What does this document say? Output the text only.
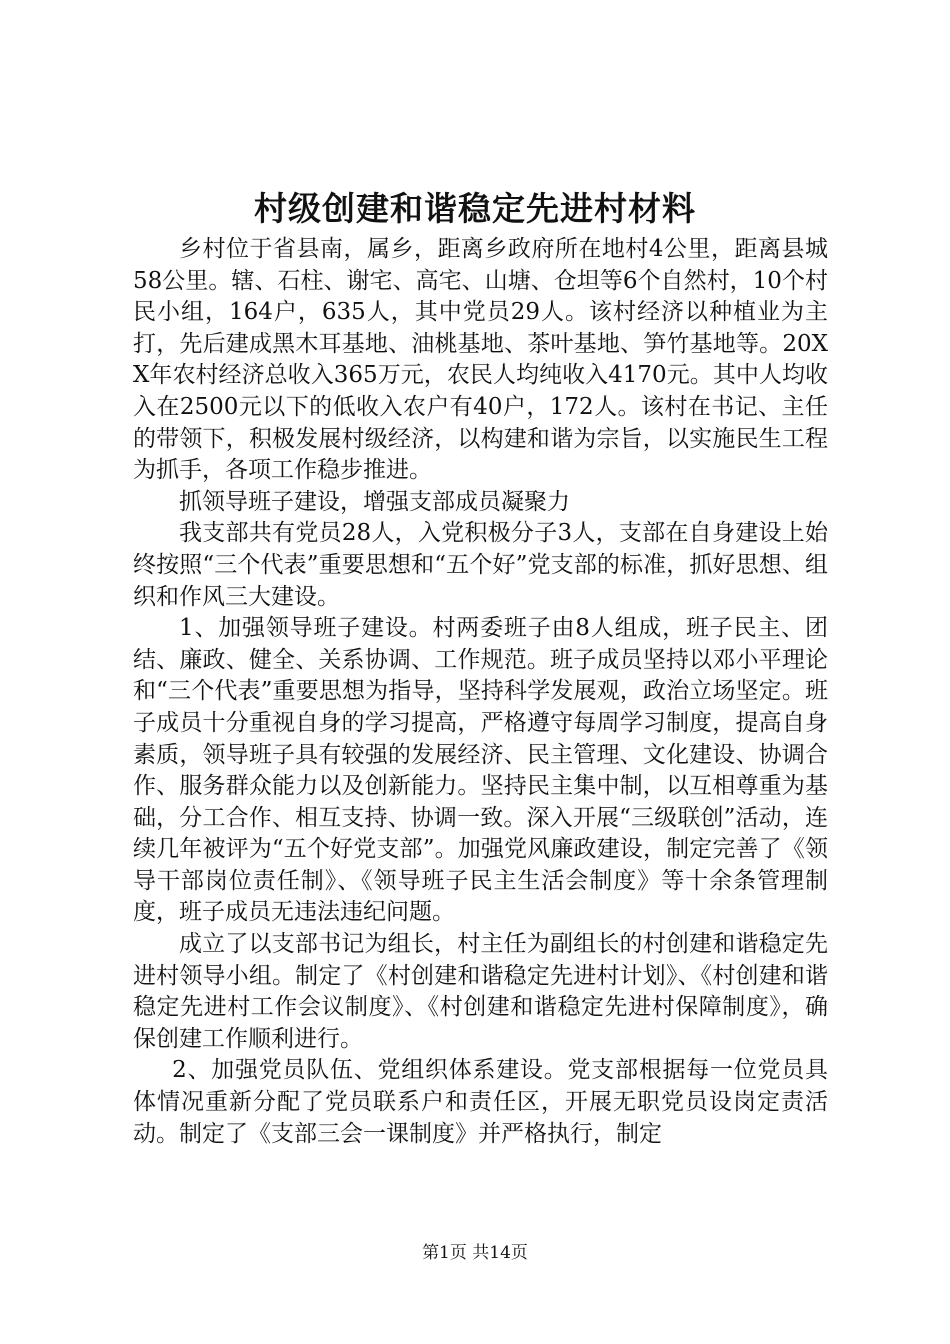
村级创建和谐稳定先进村材料

乡村位于省县南，属乡，距离乡政府所在地村4公里，距离县城58公里。辖、石柱、谢宅、高宅、山塘、仓坦等6个自然村，10个村民小组，164户，635人，其中党员29人。该村经济以种植业为主打，先后建成黑木耳基地、油桃基地、茶叶基地、笋竹基地等。20XX年农村经济总收入365万元，农民人均纯收入4170元。其中人均收入在2500元以下的低收入农户有40户，172人。该村在书记、主任的带领下，积极发展村级经济，以构建和谐为宗旨，以实施民生工程为抓手，各项工作稳步推进。

抓领导班子建设，增强支部成员凝聚力

我支部共有党员28人，入党积极分子3人，支部在自身建设上始终按照“三个代表”重要思想和“五个好”党支部的标准，抓好思想、组织和作风三大建设。

1、加强领导班子建设。村两委班子由8人组成，班子民主、团结、廉政、健全、关系协调、工作规范。班子成员坚持以邓小平理论和“三个代表”重要思想为指导，坚持科学发展观，政治立场坚定。班子成员十分重视自身的学习提高，严格遵守每周学习制度，提高自身素质，领导班子具有较强的发展经济、民主管理、文化建设、协调合作、服务群众能力以及创新能力。坚持民主集中制，以互相尊重为基础，分工合作、相互支持、协调一致。深入开展“三级联创”活动，连续几年被评为“五个好党支部”。加强党风廉政建设，制定完善了《领导干部岗位责任制》、《领导班子民主生活会制度》等十余条管理制度，班子成员无违法违纪问题。

成立了以支部书记为组长，村主任为副组长的村创建和谐稳定先进村领导小组。制定了《村创建和谐稳定先进村计划》、《村创建和谐稳定先进村工作会议制度》、《村创建和谐稳定先进村保障制度》，确保创建工作顺利进行。

2、加强党员队伍、党组织体系建设。党支部根据每一位党员具体情况重新分配了党员联系户和责任区，开展无职党员设岗定责活动。制定了《支部三会一课制度》并严格执行，制定

第1页 共14页
